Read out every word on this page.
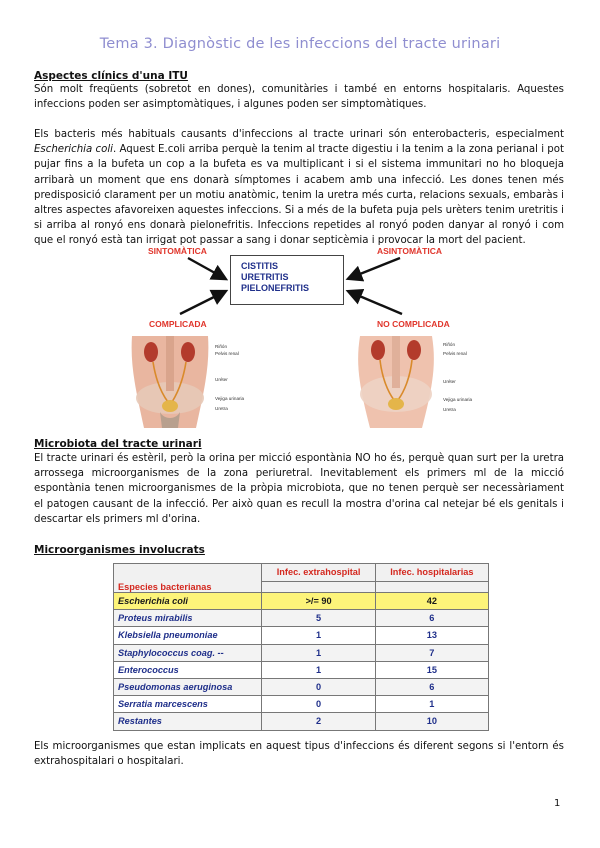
Tema 3. Diagnòstic de les infeccions del tracte urinari
Aspectes clínics d'una ITU
Són molt freqüents (sobretot en dones), comunitàries i també en entorns hospitalaris. Aquestes infeccions poden ser asimptomàtiques, i algunes poden ser simptomàtiques.
Els bacteris més habituals causants d'infeccions al tracte urinari són enterobacteris, especialment Escherichia coli. Aquest E.coli arriba perquè la tenim al tracte digestiu i la tenim a la zona perianal i pot pujar fins a la bufeta un cop a la bufeta es va multiplicant i si el sistema immunitari no ho bloqueja arribarà un moment que ens donarà símptomes i acabem amb una infecció. Les dones tenen més predisposició clarament per un motiu anatòmic, tenim la uretra més curta, relacions sexuals, embaràs i altres aspectes afavoreixen aquestes infeccions. Si a més de la bufeta puja pels urèters tenim uretritis i si arriba al ronyó ens donarà pielonefritis. Infeccions repetides al ronyó poden danyar al ronyó i com que el ronyó està tan irrigat pot passar a sang i donar septicèmia i provocar la mort del pacient.
SINTOMÀTICA	ASINTOMÀTICA
COMPLICADA	NO COMPLICADA
CISTITIS
URETRITIS
PIELONEFRITIS
Riñón
Pelvis renal
Uréter
Vejiga urinaria
Uretra
Riñón
Pelvis renal
Uréter
Vejiga urinaria
Uretra
Microbiota del tracte urinari
El tracte urinari és estèril, però la orina per micció espontània NO ho és, perquè quan surt per la uretra arrossega microorganismes de la zona periuretral. Inevitablement els primers ml de la micció espontània tenen microorganismes de la pròpia microbiota, que no tenen perquè ser necessàriament el patogen causant de la infecció. Per això quan es recull la mostra d'orina cal netejar bé els genitals i descartar els primers ml d'orina.
Microorganismes involucrats
Especies bacterianas	Infec. extrahospital	Infec. hospitalarias

Escherichia coli	>/= 90	42
Proteus mirabilis	5	6
Klebsiella pneumoniae	1	13
Staphylococcus coag. --	1	7
Enterococcus	1	15
Pseudomonas aeruginosa	0	6
Serratia marcescens	0	1
Restantes	2	10
Els microorganismes que estan implicats en aquest tipus d'infeccions és diferent segons si l'entorn és extrahospitalari o hospitalari.
1
